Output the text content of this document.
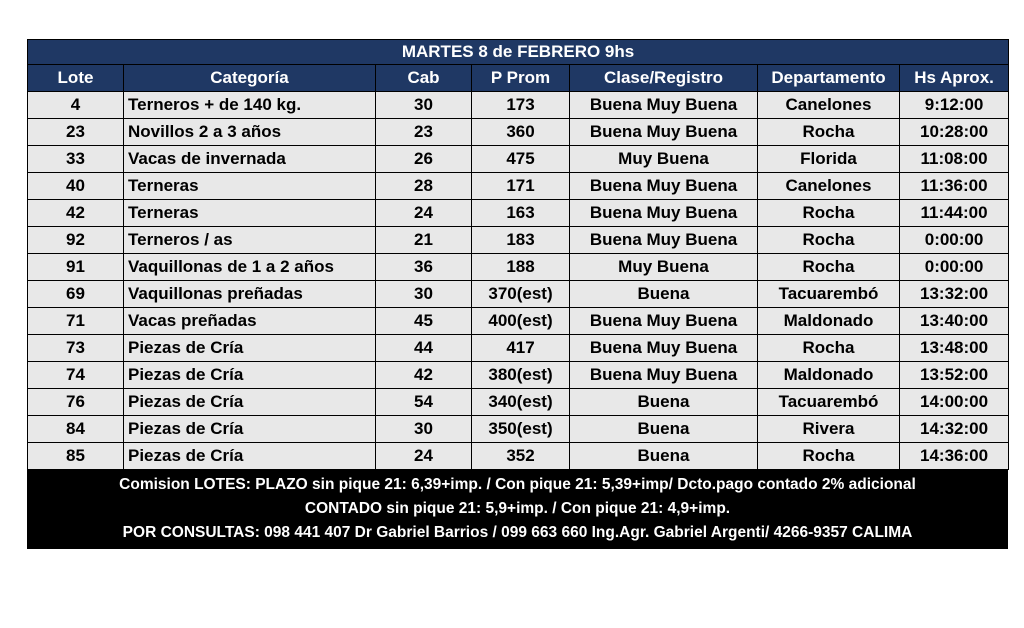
MARTES 8 de FEBRERO 9hs						
Lote	Categoría	Cab	P Prom	Clase/Registro	Departamento	Hs Aprox.
4	Terneros + de 140 kg.	30	173	Buena Muy Buena	Canelones	9:12:00
23	Novillos 2 a 3 años	23	360	Buena Muy Buena	Rocha	10:28:00
33	Vacas de invernada	26	475	Muy Buena	Florida	11:08:00
40	Terneras	28	171	Buena Muy Buena	Canelones	11:36:00
42	Terneras	24	163	Buena Muy Buena	Rocha	11:44:00
92	Terneros / as	21	183	Buena Muy Buena	Rocha	0:00:00
91	Vaquillonas de 1 a 2 años	36	188	Muy Buena	Rocha	0:00:00
69	Vaquillonas preñadas	30	370(est)	Buena	Tacuarembó	13:32:00
71	Vacas preñadas	45	400(est)	Buena Muy Buena	Maldonado	13:40:00
73	Piezas de Cría	44	417	Buena Muy Buena	Rocha	13:48:00
74	Piezas de Cría	42	380(est)	Buena Muy Buena	Maldonado	13:52:00
76	Piezas de Cría	54	340(est)	Buena	Tacuarembó	14:00:00
84	Piezas de Cría	30	350(est)	Buena	Rivera	14:32:00
85	Piezas de Cría	24	352	Buena	Rocha	14:36:00
Comision LOTES: PLAZO sin pique 21: 6,39+imp. / Con pique 21: 5,39+imp/ Dcto.pago contado 2% adicional
CONTADO sin pique 21: 5,9+imp. / Con pique 21: 4,9+imp.
POR CONSULTAS: 098 441 407 Dr Gabriel Barrios / 099 663 660 Ing.Agr. Gabriel Argenti/ 4266-9357 CALIMA
